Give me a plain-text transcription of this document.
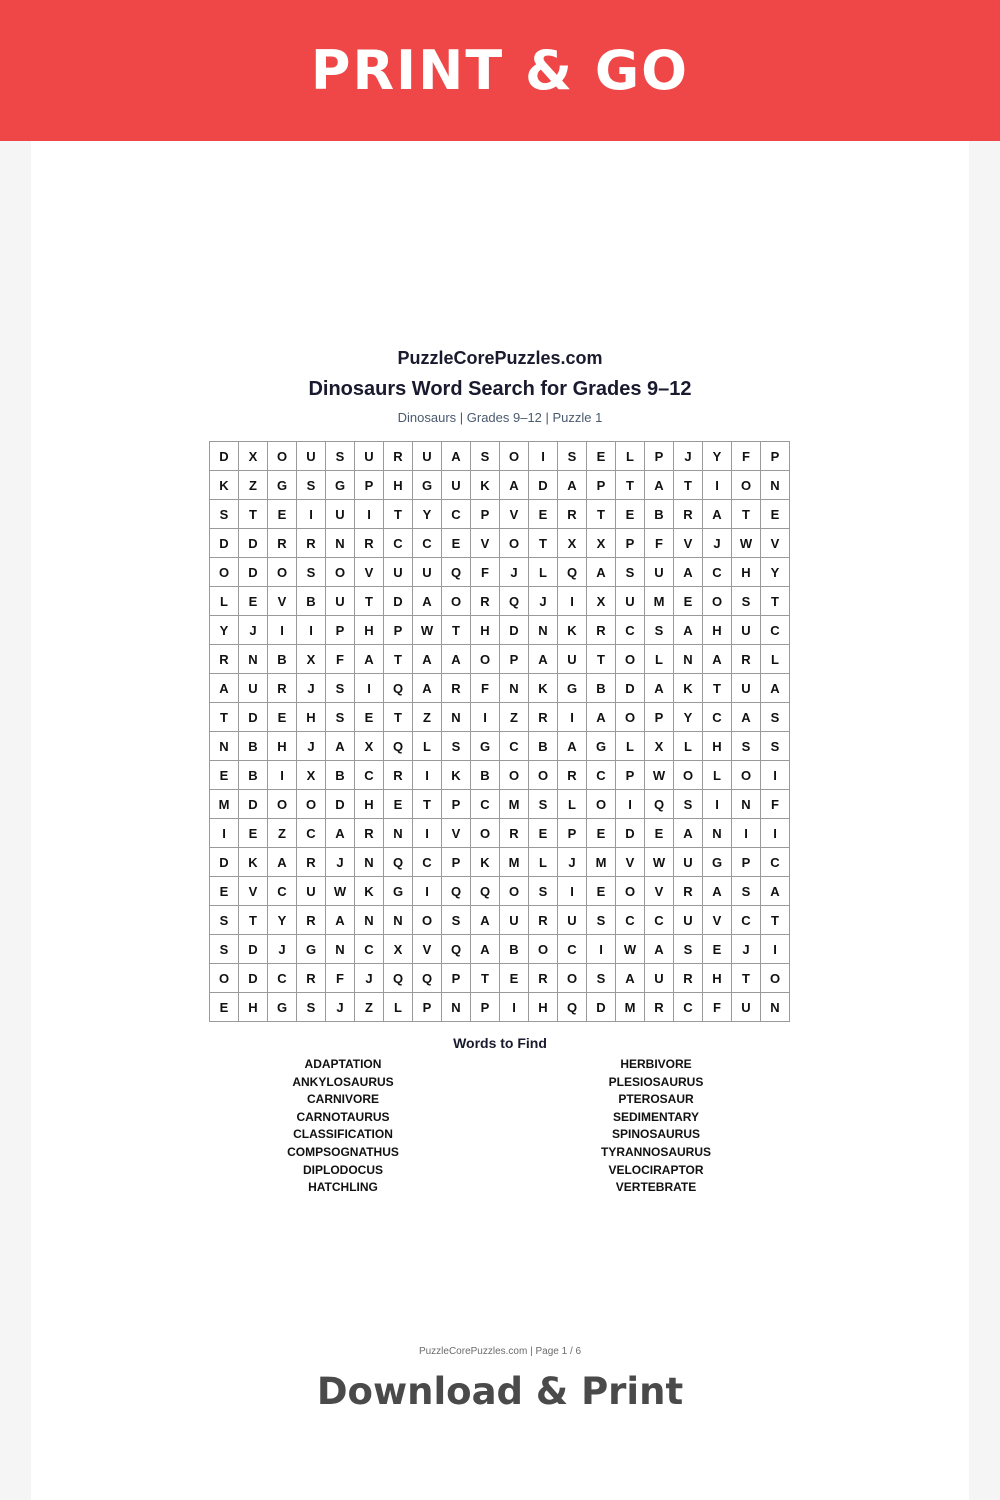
PRINT & GO
PuzzleCorePuzzles.com
Dinosaurs Word Search for Grades 9–12
Dinosaurs | Grades 9–12 | Puzzle 1
D	X	O	U	S	U	R	U	A	S	O	I	S	E	L	P	J	Y	F	P
K	Z	G	S	G	P	H	G	U	K	A	D	A	P	T	A	T	I	O	N
S	T	E	I	U	I	T	Y	C	P	V	E	R	T	E	B	R	A	T	E
D	D	R	R	N	R	C	C	E	V	O	T	X	X	P	F	V	J	W	V
O	D	O	S	O	V	U	U	Q	F	J	L	Q	A	S	U	A	C	H	Y
L	E	V	B	U	T	D	A	O	R	Q	J	I	X	U	M	E	O	S	T
Y	J	I	I	P	H	P	W	T	H	D	N	K	R	C	S	A	H	U	C
R	N	B	X	F	A	T	A	A	O	P	A	U	T	O	L	N	A	R	L
A	U	R	J	S	I	Q	A	R	F	N	K	G	B	D	A	K	T	U	A
T	D	E	H	S	E	T	Z	N	I	Z	R	I	A	O	P	Y	C	A	S
N	B	H	J	A	X	Q	L	S	G	C	B	A	G	L	X	L	H	S	S
E	B	I	X	B	C	R	I	K	B	O	O	R	C	P	W	O	L	O	I
M	D	O	O	D	H	E	T	P	C	M	S	L	O	I	Q	S	I	N	F
I	E	Z	C	A	R	N	I	V	O	R	E	P	E	D	E	A	N	I	I
D	K	A	R	J	N	Q	C	P	K	M	L	J	M	V	W	U	G	P	C
E	V	C	U	W	K	G	I	Q	Q	O	S	I	E	O	V	R	A	S	A
S	T	Y	R	A	N	N	O	S	A	U	R	U	S	C	C	U	V	C	T
S	D	J	G	N	C	X	V	Q	A	B	O	C	I	W	A	S	E	J	I
O	D	C	R	F	J	Q	Q	P	T	E	R	O	S	A	U	R	H	T	O
E	H	G	S	J	Z	L	P	N	P	I	H	Q	D	M	R	C	F	U	N
Words to Find
ADAPTATION
ANKYLOSAURUS
CARNIVORE
CARNOTAURUS
CLASSIFICATION
COMPSOGNATHUS
DIPLODOCUS
HATCHLING
HERBIVORE
PLESIOSAURUS
PTEROSAUR
SEDIMENTARY
SPINOSAURUS
TYRANNOSAURUS
VELOCIRAPTOR
VERTEBRATE
PuzzleCorePuzzles.com | Page 1 / 6
Download & Print
